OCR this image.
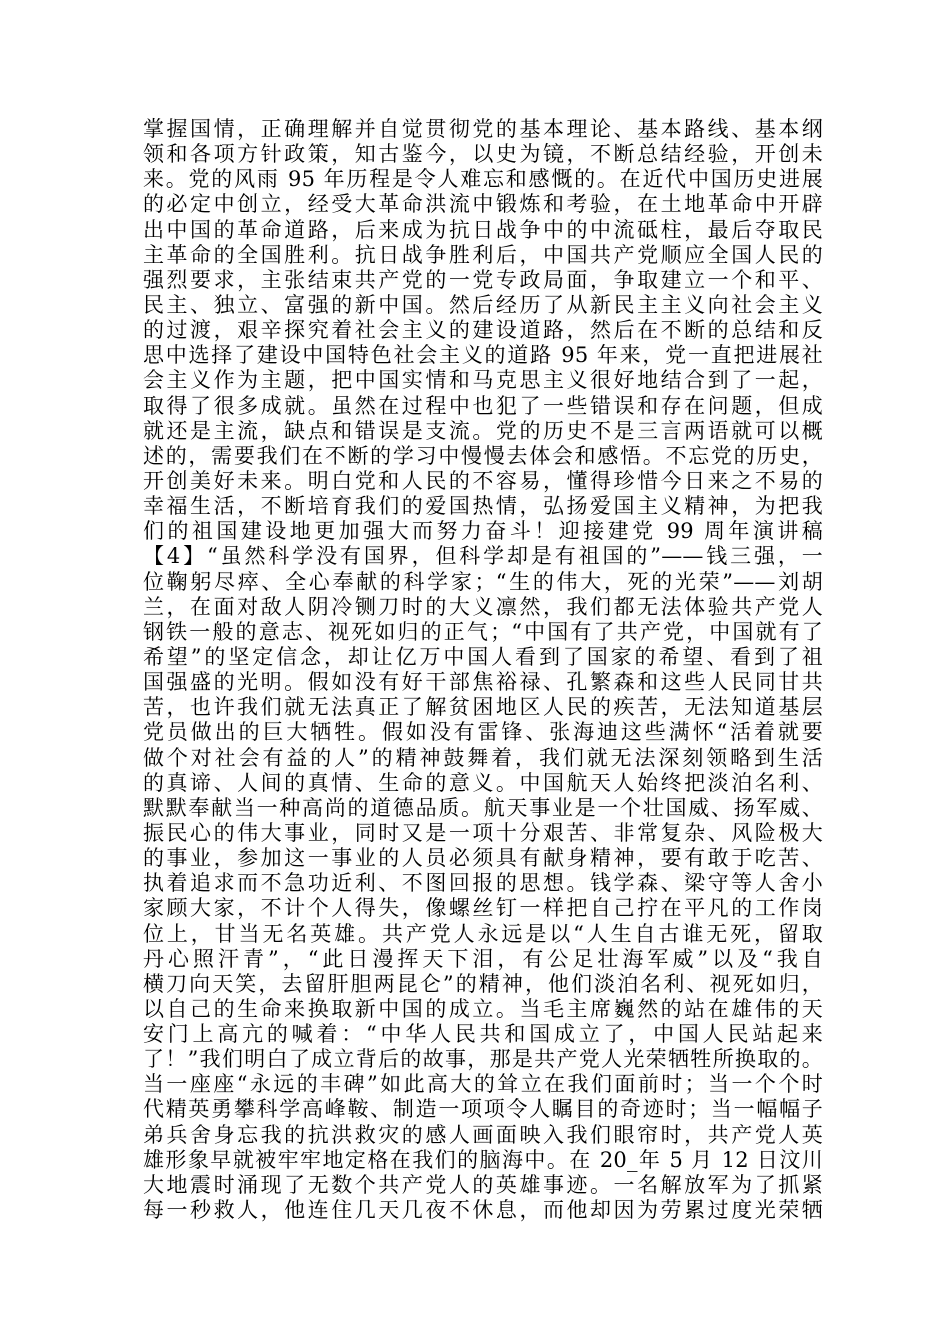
掌握国情，正确理解并自觉贯彻党的基本理论、基本路线、基本纲
领和各项方针政策，知古鉴今，以史为镜，不断总结经验，开创未
来。党的风雨 95 年历程是令人难忘和感慨的。在近代中国历史进展
的必定中创立，经受大革命洪流中锻炼和考验，在土地革命中开辟
出中国的革命道路，后来成为抗日战争中的中流砥柱，最后夺取民
主革命的全国胜利。抗日战争胜利后，中国共产党顺应全国人民的
强烈要求，主张结束共产党的一党专政局面，争取建立一个和平、
民主、独立、富强的新中国。然后经历了从新民主主义向社会主义
的过渡，艰辛探究着社会主义的建设道路，然后在不断的总结和反
思中选择了建设中国特色社会主义的道路 95 年来，党一直把进展社
会主义作为主题，把中国实情和马克思主义很好地结合到了一起，
取得了很多成就。虽然在过程中也犯了一些错误和存在问题，但成
就还是主流，缺点和错误是支流。党的历史不是三言两语就可以概
述的，需要我们在不断的学习中慢慢去体会和感悟。不忘党的历史，
开创美好未来。明白党和人民的不容易，懂得珍惜今日来之不易的
幸福生活，不断培育我们的爱国热情，弘扬爱国主义精神，为把我
们的祖国建设地更加强大而努力奋斗！迎接建党 99 周年演讲稿
【4】“虽然科学没有国界，但科学却是有祖国的”——钱三强，一
位鞠躬尽瘁、全心奉献的科学家；“生的伟大，死的光荣”——刘胡
兰，在面对敌人阴冷铡刀时的大义凛然，我们都无法体验共产党人
钢铁一般的意志、视死如归的正气；“中国有了共产党，中国就有了
希望”的坚定信念，却让亿万中国人看到了国家的希望、看到了祖
国强盛的光明。假如没有好干部焦裕禄、孔繁森和这些人民同甘共
苦，也许我们就无法真正了解贫困地区人民的疾苦，无法知道基层
党员做出的巨大牺牲。假如没有雷锋、张海迪这些满怀“活着就要
做个对社会有益的人”的精神鼓舞着，我们就无法深刻领略到生活
的真谛、人间的真情、生命的意义。中国航天人始终把淡泊名利、
默默奉献当一种高尚的道德品质。航天事业是一个壮国威、扬军威、
振民心的伟大事业，同时又是一项十分艰苦、非常复杂、风险极大
的事业，参加这一事业的人员必须具有献身精神，要有敢于吃苦、
执着追求而不急功近利、不图回报的思想。钱学森、梁守等人舍小
家顾大家，不计个人得失，像螺丝钉一样把自己拧在平凡的工作岗
位上，甘当无名英雄。共产党人永远是以“人生自古谁无死，留取
丹心照汗青”，“此日漫挥天下泪，有公足壮海军威”以及“我自
横刀向天笑，去留肝胆两昆仑”的精神，他们淡泊名利、视死如归，
以自己的生命来换取新中国的成立。当毛主席巍然的站在雄伟的天
安门上高亢的喊着：“中华人民共和国成立了，中国人民站起来
了！”我们明白了成立背后的故事，那是共产党人光荣牺牲所换取的。
当一座座“永远的丰碑”如此高大的耸立在我们面前时；当一个个时
代精英勇攀科学高峰鞍、制造一项项令人瞩目的奇迹时；当一幅幅子
弟兵舍身忘我的抗洪救灾的感人画面映入我们眼帘时，共产党人英
雄形象早就被牢牢地定格在我们的脑海中。在 20_年 5 月 12 日汶川
大地震时涌现了无数个共产党人的英雄事迹。一名解放军为了抓紧
每一秒救人，他连住几天几夜不休息，而他却因为劳累过度光荣牺
